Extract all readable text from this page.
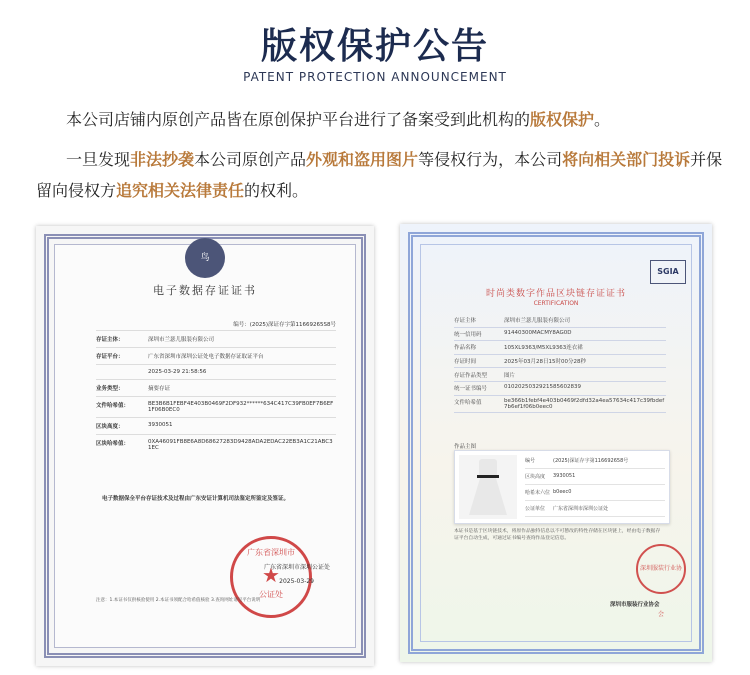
版权保护公告
PATENT PROTECTION ANNOUNCEMENT
本公司店铺内原创产品皆在原创保护平台进行了备案受到此机构的版权保护。
一旦发现非法抄袭本公司原创产品外观和盗用图片等侵权行为，本公司将向相关部门投诉并保留向侵权方追究相关法律责任的权利。
鸟
电子数据存证证书
编号：(2025)深证存字第11669265S8号
存证主体：	深圳市兰瑟儿服装有限公司
存证平台：	广东省深圳市深圳公证处电子数据存证取证平台
2025-03-29 21:58:56
业务类型：	摘要存证
文件哈希值：	BE3B6B1FEBF4E403B0469F2DF932******634C417C39FB0EF7B6EF1F06B0EC0
区块高度：	3930051
区块哈希值：	0XA46091FB8E6A8D68627283D9428ADA2EDAC22EB3A1C21ABC31EC
电子数据保全平台存证技术及过程由广东安证计算机司法鉴定所鉴定及签证。
广东省深圳市
★
公证处
广东省深圳市深圳公证处
2025-03-29
注意：1.本证书仅供核验使用 2.本证书须配合哈希值核验 3.查询网址请见平台说明
SGIA
时尚类数字作品区块链存证证书
CERTIFICATION
存证主体	深圳市兰瑟儿服装有限公司
统一信用码	91440300MACMY8AG0D
作品名称	105XL9363/M5XL9363连衣裙
存证时间	2025年03月28日15时00分28秒
存证作品类型	图片
统一证书编号	0102025032921585602839
文件哈希值	be366b1febf4e403b0469f2dfd32a4ea57634c417c39fbdef7b6ef1f06b0eec0
作品主图
编号	(2025)深证存字第116692658号
区块高度	3930051
哈希末六位 b0eec0
公证单位	广东省深圳市深圳公证处
本证书是基于区块链技术，将原作品独特信息以不可篡改的特性存储在区块链上，经由电子数据存证平台自动生成，可通过证书编号查询作品登记信息。
深圳服装行业协会
深圳市服装行业协会
